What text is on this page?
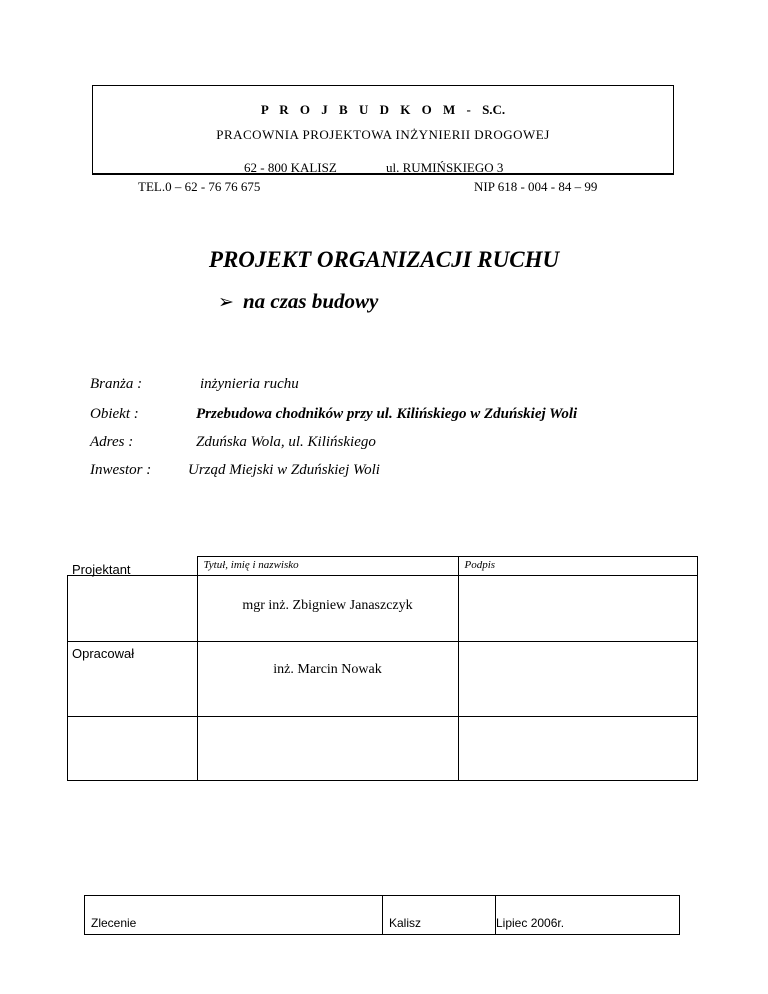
P R O J B U D K O M - S.C.
PRACOWNIA PROJEKTOWA INŻYNIERII DROGOWEJ
62 - 800 KALISZ	ul. RUMIŃSKIEGO 3
TEL.0 – 62 - 76 76 675	NIP 618 - 004 - 84 – 99
PROJEKT ORGANIZACJI RUCHU
➢ na czas budowy
Branża :	inżynieria ruchu
Obiekt :	Przebudowa chodników przy ul. Kilińskiego w Zduńskiej Woli
Adres :	Zduńska Wola, ul. Kilińskiego
Inwestor : Urząd Miejski w Zduńskiej Woli

	Tytuł, imię i nazwisko	Podpis

Projektant	mgr inż. Zbigniew Janaszczyk	

Opracował	inż. Marcin Nowak	

Zlecenie	Kalisz	Lipiec 2006r.
